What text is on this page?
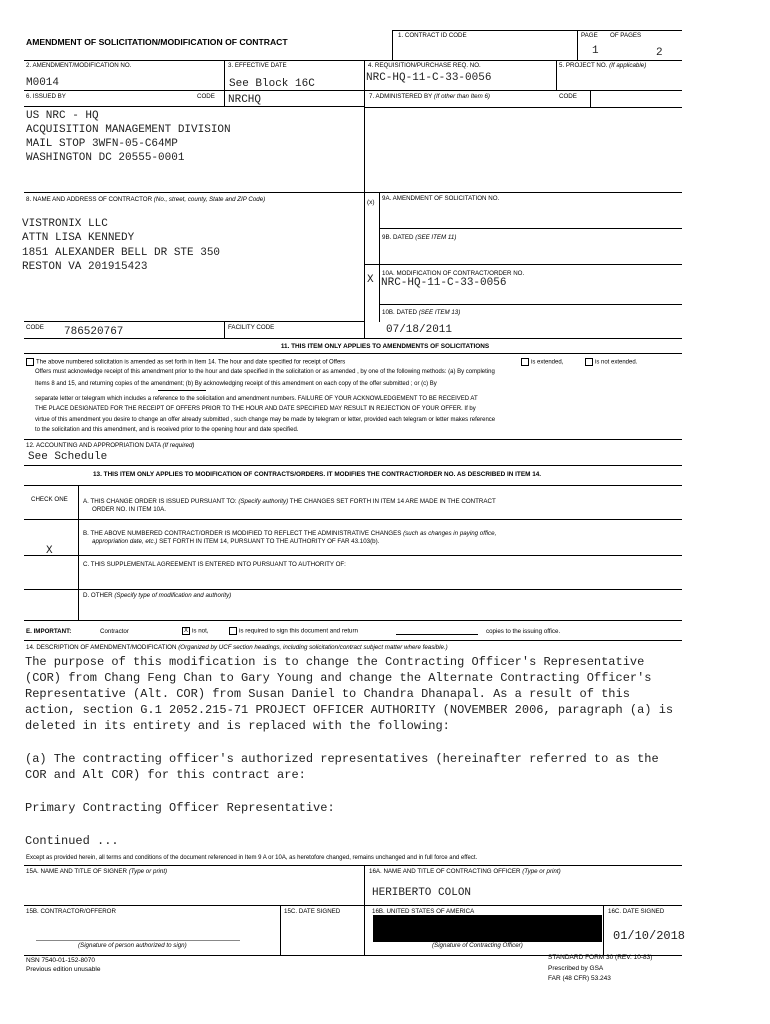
AMENDMENT OF SOLICITATION/MODIFICATION OF CONTRACT
1. CONTRACT ID CODE	PAGE OF PAGES
1	2
2. AMENDMENT/MODIFICATION NO.
M0014
3. EFFECTIVE DATE
See Block 16C
4. REQUISITION/PURCHASE REQ. NO.
NRC-HQ-11-C-33-0056
5. PROJECT NO. (If applicable)
6. ISSUED BY	CODE NRCHQ	7. ADMINISTERED BY (If other than Item 6)	CODE
US NRC - HQ
ACQUISITION MANAGEMENT DIVISION
MAIL STOP 3WFN-05-C64MP
WASHINGTON DC 20555-0001
8. NAME AND ADDRESS OF CONTRACTOR (No., street, county, State and ZIP Code)
VISTRONIX LLC
ATTN LISA KENNEDY
1851 ALEXANDER BELL DR STE 350
RESTON VA 201915423
(x)
9A. AMENDMENT OF SOLICITATION NO.
9B. DATED (SEE ITEM 11)
X
10A. MODIFICATION OF CONTRACT/ORDER NO.
NRC-HQ-11-C-33-0056
10B. DATED (SEE ITEM 13)
07/18/2011
CODE 786520767	FACILITY CODE
11. THIS ITEM ONLY APPLIES TO AMENDMENTS OF SOLICITATIONS
The above numbered solicitation is amended as set forth in Item 14. The hour and date specified for receipt of Offers	is extended,	is not extended.
Offers must acknowledge receipt of this amendment prior to the hour and date specified in the solicitation or as amended , by one of the following methods: (a) By completing
Items 8 and 15, and returning copies of the amendment; (b) By acknowledging receipt of this amendment on each copy of the offer submitted ; or (c) By
separate letter or telegram which includes a reference to the solicitation and amendment numbers. FAILURE OF YOUR ACKNOWLEDGEMENT TO BE RECEIVED AT
THE PLACE DESIGNATED FOR THE RECEIPT OF OFFERS PRIOR TO THE HOUR AND DATE SPECIFIED MAY RESULT IN REJECTION OF YOUR OFFER. If by
virtue of this amendment you desire to change an offer already submitted , such change may be made by telegram or letter, provided each telegram or letter makes reference
to the solicitation and this amendment, and is received prior to the opening hour and date specified.
12. ACCOUNTING AND APPROPRIATION DATA (If required)
See Schedule
13. THIS ITEM ONLY APPLIES TO MODIFICATION OF CONTRACTS/ORDERS. IT MODIFIES THE CONTRACT/ORDER NO. AS DESCRIBED IN ITEM 14.
CHECK ONE A. THIS CHANGE ORDER IS ISSUED PURSUANT TO: (Specify authority) THE CHANGES SET FORTH IN ITEM 14 ARE MADE IN THE CONTRACT
ORDER NO. IN ITEM 10A.
B. THE ABOVE NUMBERED CONTRACT/ORDER IS MODIFIED TO REFLECT THE ADMINISTRATIVE CHANGES (such as changes in paying office,
appropriation date, etc.) SET FORTH IN ITEM 14, PURSUANT TO THE AUTHORITY OF FAR 43.103(b).
X
C. THIS SUPPLEMENTAL AGREEMENT IS ENTERED INTO PURSUANT TO AUTHORITY OF:
D. OTHER (Specify type of modification and authority)
E. IMPORTANT:	Contractor	X is not,	is required to sign this document and return	copies to the issuing office.
14. DESCRIPTION OF AMENDMENT/MODIFICATION (Organized by UCF section headings, including solicitation/contract subject matter where feasible.)
The purpose of this modification is to change the Contracting Officer's Representative
(COR) from Chang Feng Chan to Gary Young and change the Alternate Contracting Officer's
Representative (Alt. COR) from Susan Daniel to Chandra Dhanapal. As a result of this
action, section G.1 2052.215-71 PROJECT OFFICER AUTHORITY (NOVEMBER 2006, paragraph (a) is
deleted in its entirety and is replaced with the following:
(a) The contracting officer's authorized representatives (hereinafter referred to as the
COR and Alt COR) for this contract are:
Primary Contracting Officer Representative:
Continued ...
Except as provided herein, all terms and conditions of the document referenced in Item 9 A or 10A, as heretofore changed, remains unchanged and in full force and effect.
15A. NAME AND TITLE OF SIGNER (Type or print)	16A. NAME AND TITLE OF CONTRACTING OFFICER (Type or print)
HERIBERTO COLON
15B. CONTRACTOR/OFFEROR	15C. DATE SIGNED	16B. UNITED STATES OF AMERICA	16C. DATE SIGNED
01/10/2018
(Signature of person authorized to sign)	(Signature of Contracting Officer)
NSN 7540-01-152-8070
Previous edition unusable
STANDARD FORM 30 (REV. 10-83)
Prescribed by GSA
FAR (48 CFR) 53.243
